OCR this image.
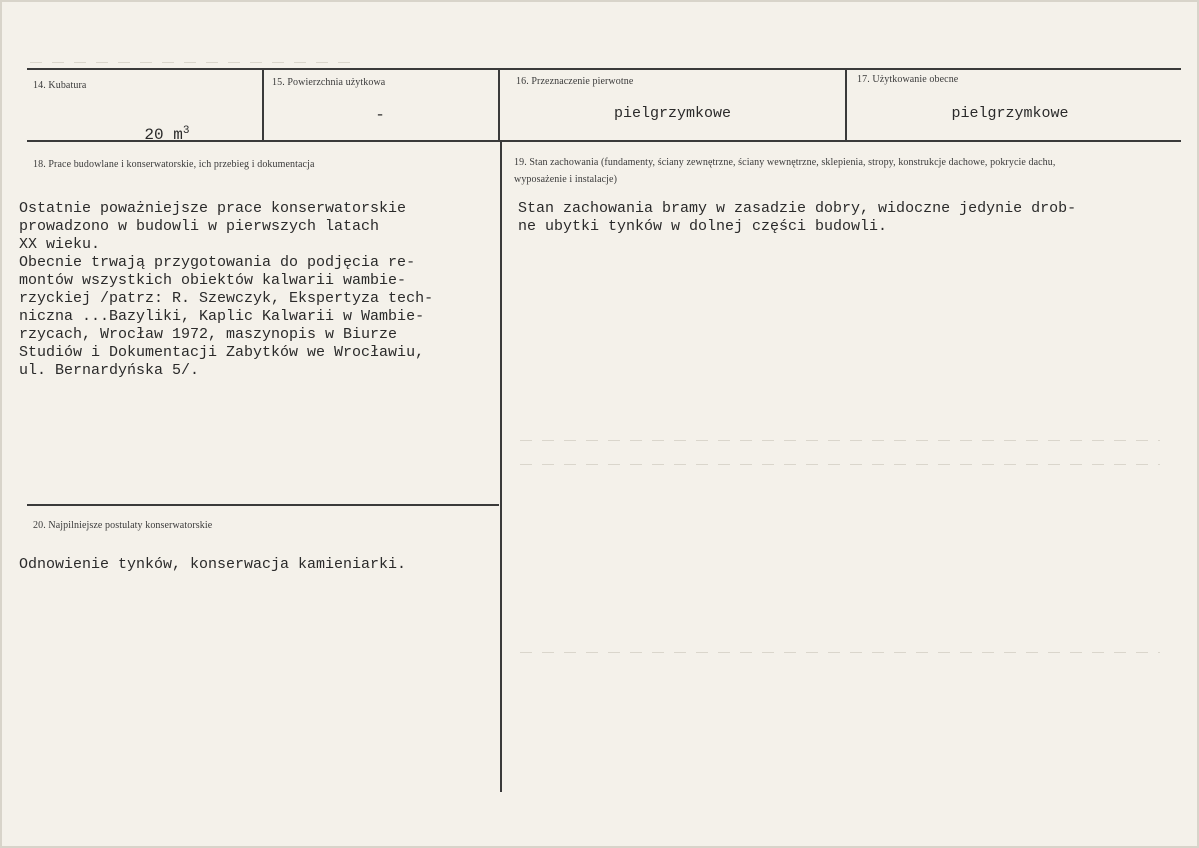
14. Kubatura

20 $m^3$

15. Powierzchnia użytkowa
-
16. Przeznaczenie pierwotne
pielgrzymkowe
17. Użytkowanie obecne
pielgrzymkowe
18. Prace budowlane i konserwatorskie, ich przebieg i dokumentacja
Ostatnie poważniejsze prace konserwatorskie
prowadzono w budowli w pierwszych latach
XX wieku.
Obecnie trwają przygotowania do podjęcia re-
montów wszystkich obiektów kalwarii wambie-
rzyckiej /patrz: R. Szewczyk, Ekspertyza tech-
niczna ...Bazyliki, Kaplic Kalwarii w Wambie-
rzycach, Wrocław 1972, maszynopis w Biurze
Studiów i Dokumentacji Zabytków we Wrocławiu,
ul. Bernardyńska 5/.
19. Stan zachowania (fundamenty, ściany zewnętrzne, ściany wewnętrzne, sklepienia, stropy, konstrukcje dachowe, pokrycie dachu, wyposażenie i instalacje)
Stan zachowania bramy w zasadzie dobry, widoczne jedynie drob-
ne ubytki tynków w dolnej części budowli.
20. Najpilniejsze postulaty konserwatorskie
Odnowienie tynków, konserwacja kamieniarki.
